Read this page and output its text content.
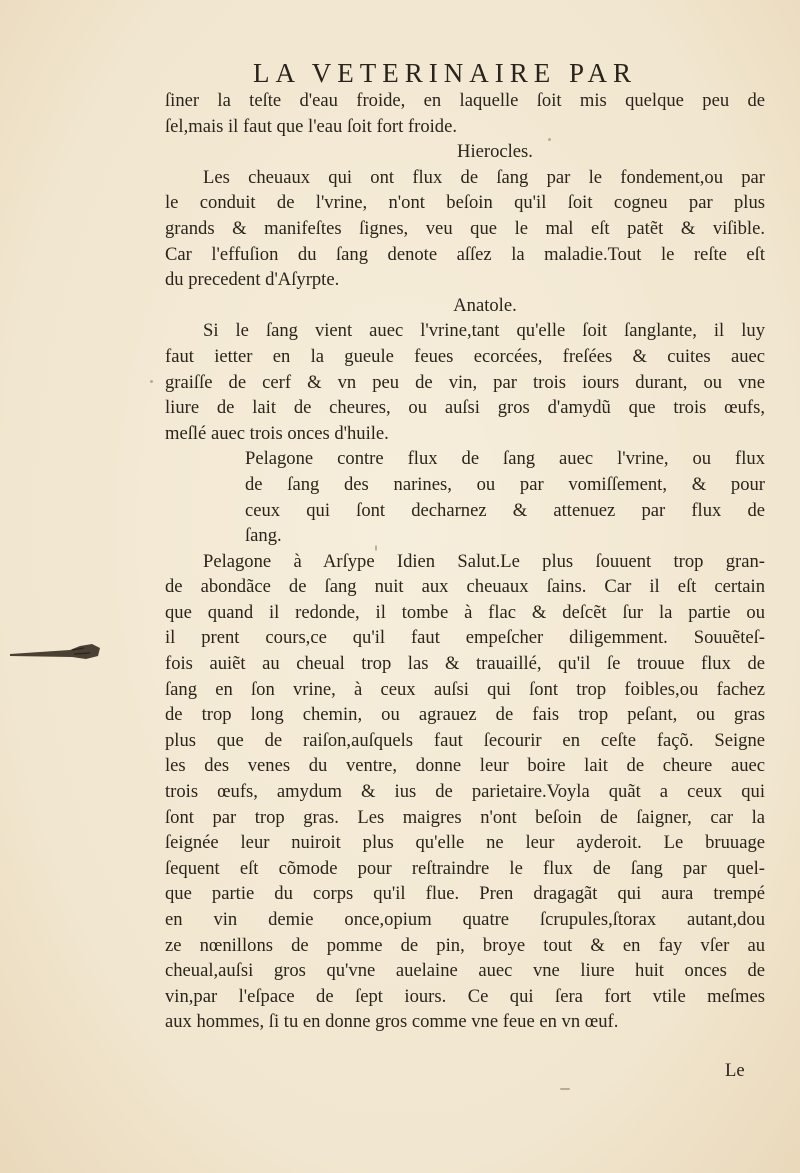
LA VETERINAIRE PAR
ſiner la teſte d'eau froide, en laquelle ſoit mis quelque peu de
ſel,mais il faut que l'eau ſoit fort froide.
Hierocles.
Les cheuaux qui ont flux de ſang par le fondement,ou par
le conduit de l'vrine, n'ont beſoin qu'il ſoit cogneu par plus
grands & manifeſtes ſignes, veu que le mal eſt patẽt & viſible.
Car l'effuſion du ſang denote aſſez la maladie.Tout le reſte eſt
du precedent d'Aſyrpte.
Anatole.
Si le ſang vient auec l'vrine,tant qu'elle ſoit ſanglante, il luy
faut ietter en la gueule feues ecorcées, freſées & cuites auec
graiſſe de cerf & vn peu de vin, par trois iours durant, ou vne
liure de lait de cheures, ou auſsi gros d'amydũ que trois œufs,
meſlé auec trois onces d'huile.
Pelagone contre flux de ſang auec l'vrine, ou flux
de ſang des narines, ou par vomiſſement, & pour
ceux qui ſont decharnez & attenuez par flux de
ſang.
Pelagone à Arſype Idien Salut.Le plus ſouuent trop gran-
de abondãce de ſang nuit aux cheuaux ſains. Car il eſt certain
que quand il redonde, il tombe à flac & deſcẽt ſur la partie ou
il prent cours,ce qu'il faut empeſcher diligemment. Souuẽteſ-
fois auiẽt au cheual trop las & trauaillé, qu'il ſe trouue flux de
ſang en ſon vrine, à ceux auſsi qui ſont trop foibles,ou fachez
de trop long chemin, ou agrauez de fais trop peſant, ou gras
plus que de raiſon,auſquels faut ſecourir en ceſte façõ. Seigne
les des venes du ventre, donne leur boire lait de cheure auec
trois œufs, amydum & ius de parietaire.Voyla quãt a ceux qui
ſont par trop gras. Les maigres n'ont beſoin de ſaigner, car la
ſeignée leur nuiroit plus qu'elle ne leur ayderoit. Le bruuage
ſequent eſt cõmode pour reſtraindre le flux de ſang par quel-
que partie du corps qu'il flue. Pren dragagãt qui aura trempé
en vin demie once,opium quatre ſcrupules,ſtorax autant,dou
ze nœnillons de pomme de pin, broye tout & en fay vſer au
cheual,auſsi gros qu'vne auelaine auec vne liure huit onces de
vin,par l'eſpace de ſept iours. Ce qui ſera fort vtile meſmes
aux hommes, ſi tu en donne gros comme vne feue en vn œuf.
Le
